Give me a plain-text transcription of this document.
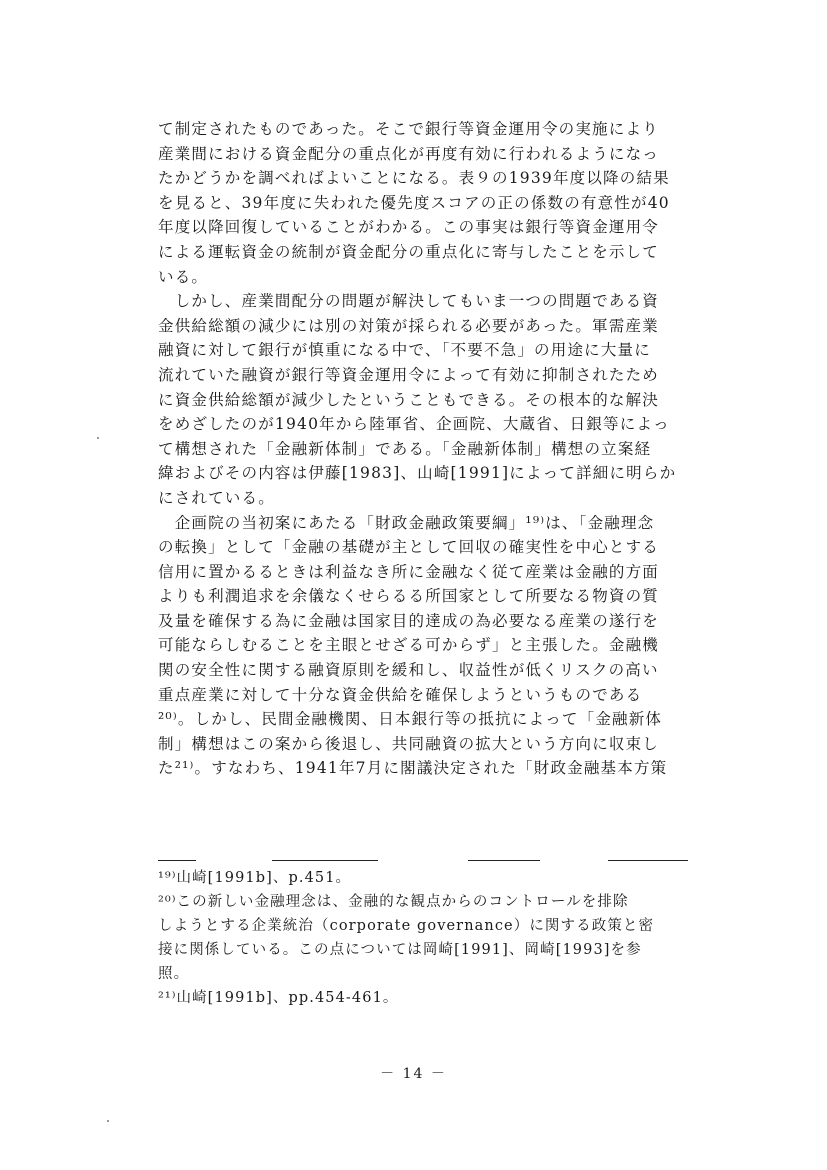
て制定されたものであった。そこで銀行等資金運用令の実施により
産業間における資金配分の重点化が再度有効に行われるようになっ
たかどうかを調べればよいことになる。表９の1939年度以降の結果
を見ると、39年度に失われた優先度スコアの正の係数の有意性が40
年度以降回復していることがわかる。この事実は銀行等資金運用令
による運転資金の統制が資金配分の重点化に寄与したことを示して
いる。
　しかし、産業間配分の問題が解決してもいま一つの問題である資
金供給総額の減少には別の対策が採られる必要があった。軍需産業
融資に対して銀行が慎重になる中で、「不要不急」の用途に大量に
流れていた融資が銀行等資金運用令によって有効に抑制されたため
に資金供給総額が減少したということもできる。その根本的な解決
をめざしたのが1940年から陸軍省、企画院、大蔵省、日銀等によっ
て構想された「金融新体制」である。「金融新体制」構想の立案経
緯およびその内容は伊藤[1983]、山崎[1991]によって詳細に明らか
にされている。
　企画院の当初案にあたる「財政金融政策要綱」¹⁹⁾は、「金融理念
の転換」として「金融の基礎が主として回収の確実性を中心とする
信用に置かるるときは利益なき所に金融なく従て産業は金融的方面
よりも利潤追求を余儀なくせらるる所国家として所要なる物資の質
及量を確保する為に金融は国家目的達成の為必要なる産業の遂行を
可能ならしむることを主眼とせざる可からず」と主張した。金融機
関の安全性に関する融資原則を緩和し、収益性が低くリスクの高い
重点産業に対して十分な資金供給を確保しようというものである
²⁰⁾。しかし、民間金融機関、日本銀行等の抵抗によって「金融新体
制」構想はこの案から後退し、共同融資の拡大という方向に収束し
た²¹⁾。すなわち、1941年7月に閣議決定された「財政金融基本方策
¹⁹⁾山崎[1991b]、p.451。
²⁰⁾この新しい金融理念は、金融的な観点からのコントロールを排除
しようとする企業統治（corporate governance）に関する政策と密
接に関係している。この点については岡崎[1991]、岡崎[1993]を参
照。
²¹⁾山崎[1991b]、pp.454‐461。
－ 14 －
